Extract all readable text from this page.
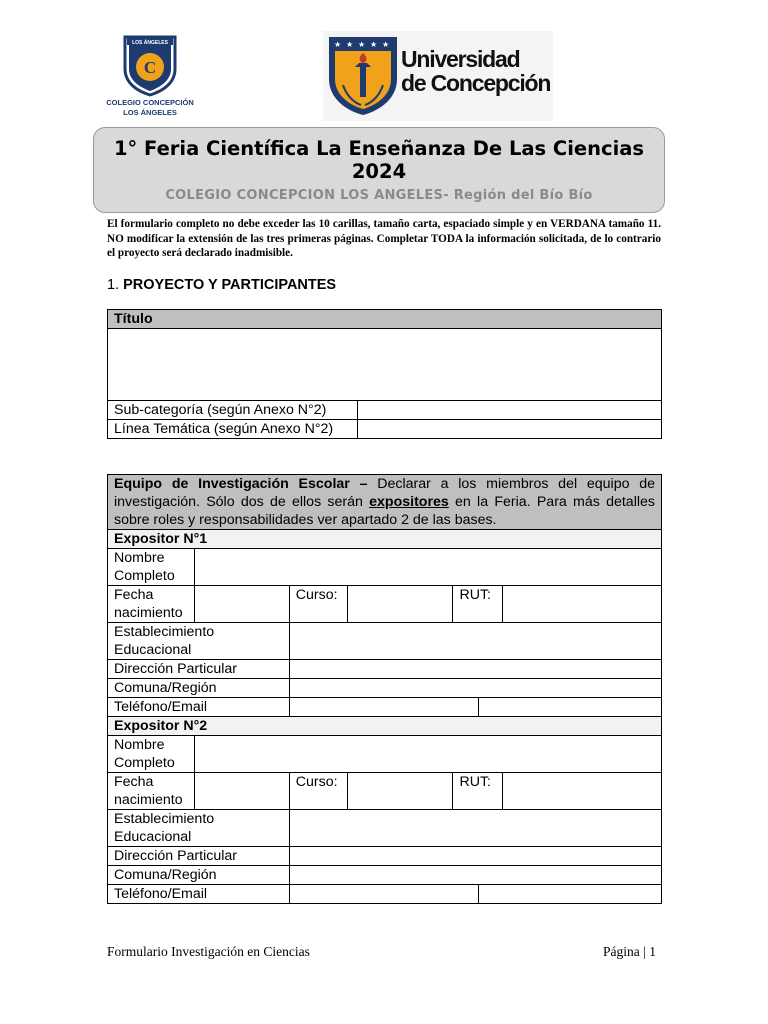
LOS ÁNGELES
C
COLEGIO CONCEPCIÓN
LOS ÁNGELES
★ ★ ★ ★ ★
Universidad
de Concepción
1° Feria Científica La Enseñanza De Las Ciencias 2024
COLEGIO CONCEPCION LOS ANGELES- Región del Bío Bío
El formulario completo no debe exceder las 10 carillas, tamaño carta, espaciado simple y en VERDANA tamaño 11. NO modificar la extensión de las tres primeras páginas. Completar TODA la información solicitada, de lo contrario el proyecto será declarado inadmisible.
1. PROYECTO Y PARTICIPANTES
Título	

Sub-categoría (según Anexo N°2)	
Línea Temática (según Anexo N°2)	
Equipo de Investigación Escolar – Declarar a los miembros del equipo de investigación. Sólo dos de ellos serán expositores en la Feria. Para más detalles sobre roles y responsabilidades ver apartado 2 de las bases.						
Expositor N°1						
Nombre Completo						
Fecha nacimiento		Curso:		RUT:		
Establecimiento Educacional						
Dirección Particular						
Comuna/Región						
Teléfono/Email						
Expositor N°2						
Nombre Completo						
Fecha nacimiento		Curso:		RUT:		
Establecimiento Educacional						
Dirección Particular						
Comuna/Región						
Teléfono/Email						
Formulario Investigación en Ciencias	Página | 1
